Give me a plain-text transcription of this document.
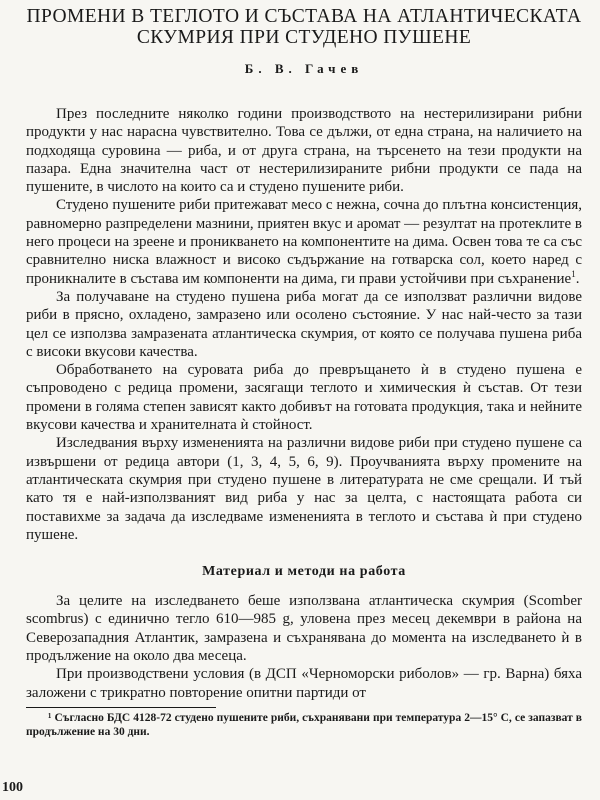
ПРОМЕНИ В ТЕГЛОТО И СЪСТАВА НА АТЛАНТИЧЕСКАТА
СКУМРИЯ ПРИ СТУДЕНО ПУШЕНЕ
Б. В. Гачев

През последните няколко години производството на нестерилизирани рибни продукти у нас нарасна чувствително. Това се дължи, от една страна, на наличието на подходяща суровина — риба, и от друга страна, на търсенето на тези продукти на пазара. Една значителна част от нестерилизираните рибни продукти се пада на пушените, в числото на които са и студено пушените риби.

Студено пушените риби притежават месо с нежна, сочна до плътна консистенция, равномерно разпределени мазнини, приятен вкус и аромат — резултат на протеклите в него процеси на зреене и проникването на компонентите на дима. Освен това те са със сравнително ниска влажност и високо съдържание на готварска сол, което наред с проникналите в състава им компоненти на дима, ги прави устойчиви при съхранение$^1$.

За получаване на студено пушена риба могат да се използват различни видове риби в прясно, охладено, замразено или осолено състояние. У нас най-често за тази цел се използва замразената атлантическа скумрия, от която се получава пушена риба с високи вкусови качества.

Обработването на суровата риба до превръщането ѝ в студено пушена е съпроводено с редица промени, засягащи теглото и химическия ѝ състав. От тези промени в голяма степен зависят както добивът на готовата продукция, така и нейните вкусови качества и хранителната ѝ стойност.

Изследвания върху измененията на различни видове риби при студено пушене са извършени от редица автори (1, 3, 4, 5, 6, 9). Проучванията върху промените на атлантическата скумрия при студено пушене в литературата не сме срещали. И тъй като тя е най-използваният вид риба у нас за целта, с настоящата работа си поставихме за задача да изследваме измененията в теглото и състава ѝ при студено пушене.

Материал и методи на работа

За целите на изследването беше използвана атлантическа скумрия (Scomber scombrus) с единично тегло 610—985 g, уловена през месец декември в района на Северозападния Атлантик, замразена и съхранявана до момента на изследването ѝ в продължение на около два месеца.

При производствени условия (в ДСП «Черноморски риболов» — гр. Варна) бяха заложени с трикратно повторение опитни партиди от

¹ Съгласно БДС 4128-72 студено пушените риби, съхранявани при температура 2—15° С, се запазват в продължение на 30 дни.
100
